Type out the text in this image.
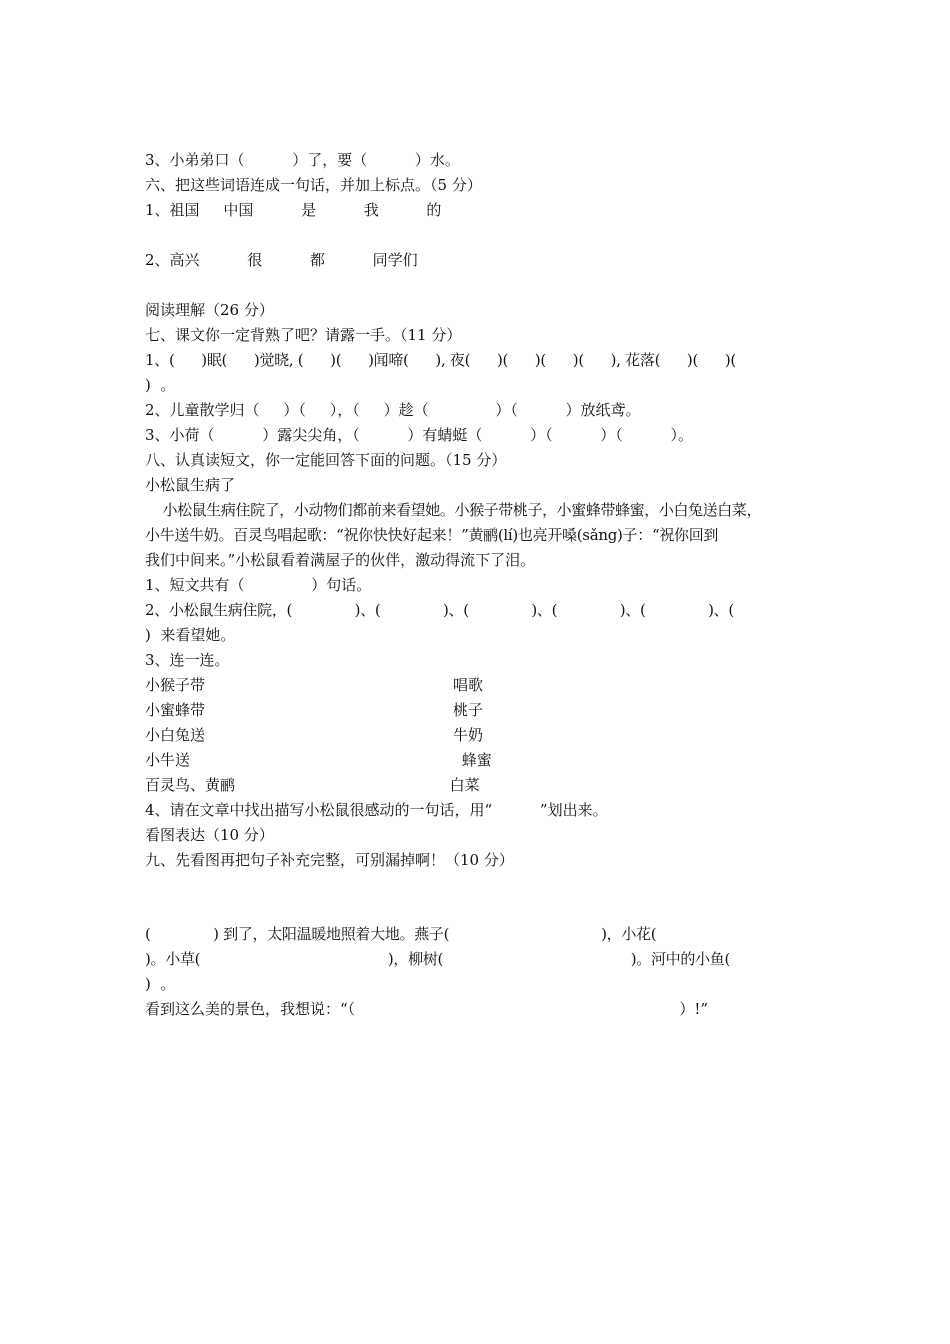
3、小弟弟口（          ）了，要（          ）水。
六、把这些词语连成一句话，并加上标点。（5 分）
1、祖国     中国          是          我          的
2、高兴          很          都          同学们
阅读理解（26 分）
七、课文你一定背熟了吧？请露一手。（11 分）
1、(      )眠(      )觉晓, (      )(      )闻啼(      ), 夜(      )(      )(      )(      ), 花落(      )(      )(
)  。
2、儿童散学归（     ）（     ），（     ）趁（              ）（          ）放纸鸢。
3、小荷（          ）露尖尖角，（          ）有蜻蜓（          ）（          ）（          ）。
八、认真读短文，你一定能回答下面的问题。（15 分）
小松鼠生病了
小松鼠生病住院了，小动物们都前来看望她。小猴子带桃子，小蜜蜂带蜂蜜，小白兔送白菜，
小牛送牛奶。百灵鸟唱起歌：“祝你快快好起来！”黄鹂(lí)也亮开嗓(sǎng)子：“祝你回到
我们中间来。”小松鼠看着满屋子的伙伴，激动得流下了泪。
1、短文共有（              ）句话。
2、小松鼠生病住院，(              )、(              )、(              )、(              )、(              )、(
)  来看望她。
3、连一连。
小猴子带                                                    唱歌
小蜜蜂带                                                    桃子
小白兔送                                                    牛奶
小牛送                                                         蜂蜜
百灵鸟、黄鹂                                             白菜
4、请在文章中找出描写小松鼠很感动的一句话，用“          ”划出来。
看图表达（10 分）
九、先看图再把句子补充完整，可别漏掉啊！（10 分）
(              ) 到了，太阳温暖地照着大地。燕子(                                  )，小花(
)。小草(                                          )，柳树(                                          )。河中的小鱼(
)  。
看到这么美的景色，我想说：“（                                                                    ）!”
